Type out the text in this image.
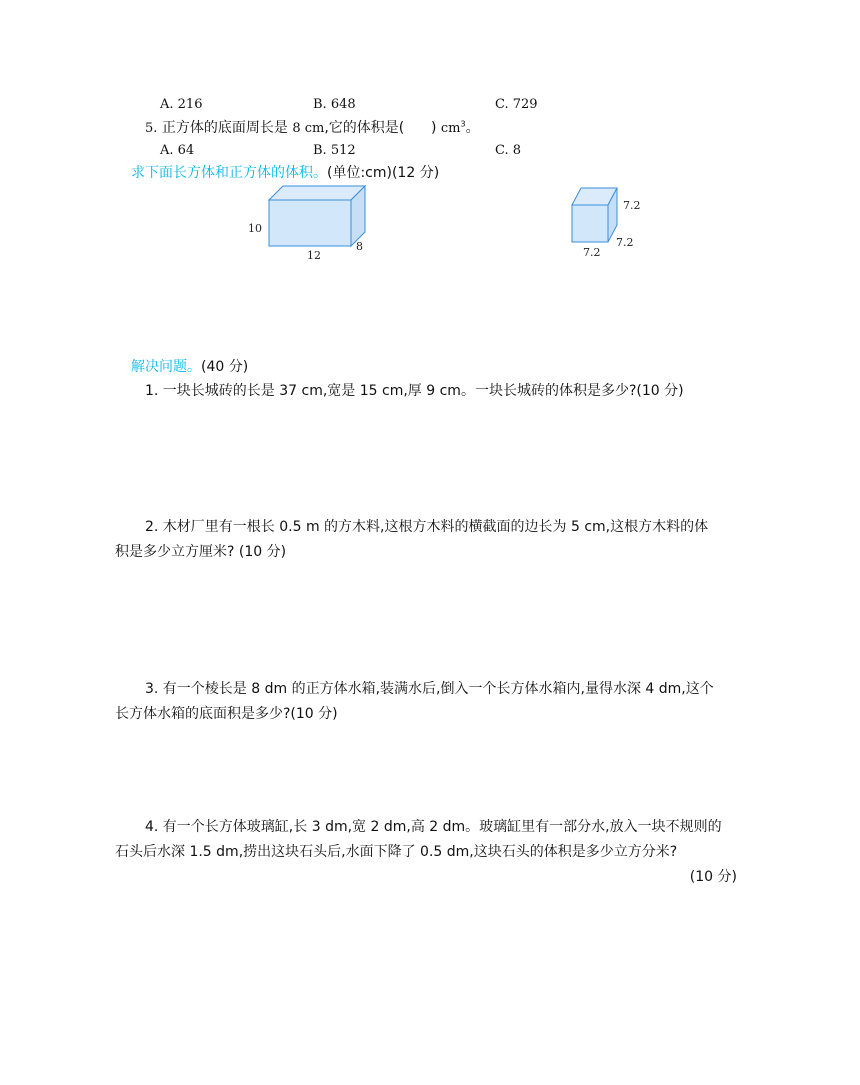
A. 216	B. 648	C. 729
5. 正方体的底面周长是 8 cm,它的体积是(      ) $cm^3$。
A. 64	B. 512	C. 8
求下面长方体和正方体的体积。(单位:cm)(12 分)
10
12
8
7.2
7.2
7.2
解决问题。(40 分)
1. 一块长城砖的长是 37 cm,宽是 15 cm,厚 9 cm。一块长城砖的体积是多少?(10 分)

2. 木材厂里有一根长 0.5 m 的方木料,这根方木料的横截面的边长为 5 cm,这根方木料的体

积是多少立方厘米? (10 分)

3. 有一个棱长是 8 dm 的正方体水箱,装满水后,倒入一个长方体水箱内,量得水深 4 dm,这个

长方体水箱的底面积是多少?(10 分)

4. 有一个长方体玻璃缸,长 3 dm,宽 2 dm,高 2 dm。玻璃缸里有一部分水,放入一块不规则的

石头后水深 1.5 dm,捞出这块石头后,水面下降了 0.5 dm,这块石头的体积是多少立方分米?

(10 分)
